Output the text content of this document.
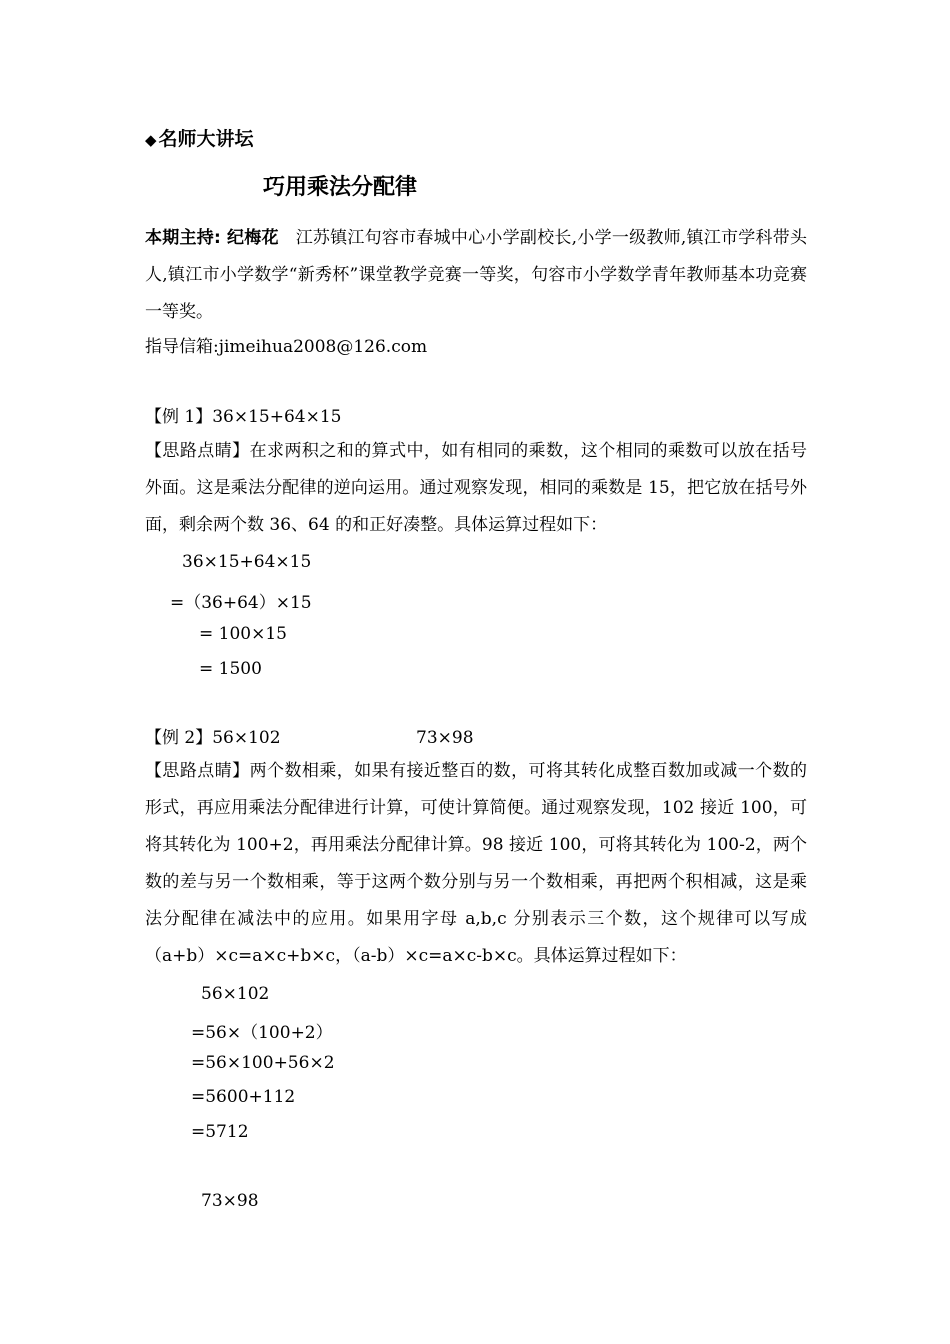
◆ 名师大讲坛
巧用乘法分配律
本期主持: 纪梅花 江苏镇江句容市春城中心小学副校长,小学一级教师,镇江市学科带头人,镇江市小学数学“新秀杯”课堂教学竞赛一等奖，句容市小学数学青年教师基本功竞赛一等奖。
指导信箱:jimeihua2008@126.com
【例 1】36×15+64×15
【思路点睛】在求两积之和的算式中，如有相同的乘数，这个相同的乘数可以放在括号外面。这是乘法分配律的逆向运用。通过观察发现，相同的乘数是 15，把它放在括号外面，剩余两个数 36、64 的和正好凑整。具体运算过程如下：
36×15+64×15
=（36+64）×15
= 100×15
= 1500
【例 2】56×102	73×98
【思路点睛】两个数相乘，如果有接近整百的数，可将其转化成整百数加或减一个数的形式，再应用乘法分配律进行计算，可使计算简便。通过观察发现，102 接近 100，可将其转化为 100+2，再用乘法分配律计算。98 接近 100，可将其转化为 100-2，两个数的差与另一个数相乘，等于这两个数分别与另一个数相乘，再把两个积相减，这是乘法分配律在减法中的应用。如果用字母 a,b,c 分别表示三个数，这个规律可以写成（a+b）×c=a×c+b×c，（a-b）×c=a×c-b×c。具体运算过程如下：
56×102
=56×（100+2）
=56×100+56×2
=5600+112
=5712
73×98
